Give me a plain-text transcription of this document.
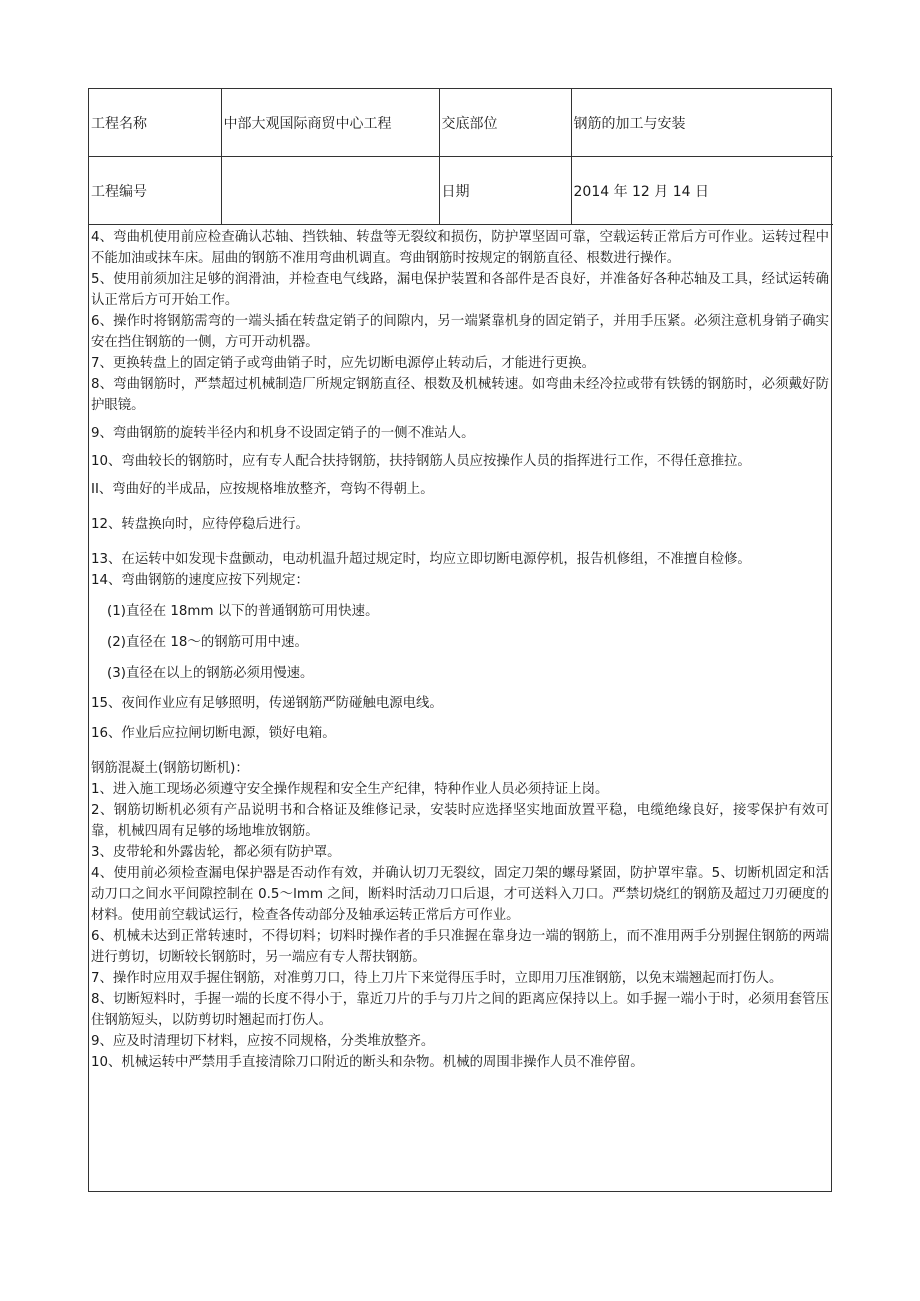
工程名称	中部大观国际商贸中心工程	交底部位	钢筋的加工与安装
工程编号		日期	2014 年 12 月 14 日

4、弯曲机使用前应检查确认芯轴、挡铁轴、转盘等无裂纹和损伤，防护罩坚固可靠，空载运转正常后方可作业。运转过程中不能加油或抹车床。屈曲的钢筋不准用弯曲机调直。弯曲钢筋时按规定的钢筋直径、根数进行操作。

5、使用前须加注足够的润滑油，并检查电气线路，漏电保护装置和各部件是否良好，并准备好各种芯轴及工具，经试运转确认正常后方可开始工作。

6、操作时将钢筋需弯的一端头插在转盘定销子的间隙内，另一端紧靠机身的固定销子，并用手压紧。必须注意机身销子确实安在挡住钢筋的一侧，方可开动机器。

7、更换转盘上的固定销子或弯曲销子时，应先切断电源停止转动后，才能进行更换。

8、弯曲钢筋时，严禁超过机械制造厂所规定钢筋直径、根数及机械转速。如弯曲未经冷拉或带有铁锈的钢筋时，必须戴好防护眼镜。

9、弯曲钢筋的旋转半径内和机身不设固定销子的一侧不准站人。

10、弯曲较长的钢筋时，应有专人配合扶持钢筋，扶持钢筋人员应按操作人员的指挥进行工作，不得任意推拉。

II、弯曲好的半成品，应按规格堆放整齐，弯钩不得朝上。

12、转盘换向时，应待停稳后进行。

13、在运转中如发现卡盘颤动，电动机温升超过规定时，均应立即切断电源停机，报告机修组，不准擅自检修。

14、弯曲钢筋的速度应按下列规定：

(1)直径在 18mm 以下的普通钢筋可用快速。

(2)直径在 18～的钢筋可用中速。

(3)直径在以上的钢筋必须用慢速。

15、夜间作业应有足够照明，传递钢筋严防碰触电源电线。

16、作业后应拉闸切断电源，锁好电箱。

钢筋混凝土(钢筋切断机)：

1、进入施工现场必须遵守安全操作规程和安全生产纪律，特种作业人员必须持证上岗。

2、钢筋切断机必须有产品说明书和合格证及维修记录，安装时应选择坚实地面放置平稳，电缆绝缘良好，接零保护有效可靠，机械四周有足够的场地堆放钢筋。

3、皮带轮和外露齿轮，都必须有防护罩。

4、使用前必须检查漏电保护器是否动作有效，并确认切刀无裂纹，固定刀架的螺母紧固，防护罩牢靠。5、切断机固定和活动刀口之间水平间隙控制在 0.5～lmm 之间，断料时活动刀口后退，才可送料入刀口。严禁切烧红的钢筋及超过刀刃硬度的材料。使用前空载试运行，检查各传动部分及轴承运转正常后方可作业。

6、机械未达到正常转速时，不得切料；切料时操作者的手只准握在靠身边一端的钢筋上，而不准用两手分别握住钢筋的两端进行剪切，切断较长钢筋时，另一端应有专人帮扶钢筋。

7、操作时应用双手握住钢筋，对准剪刀口，待上刀片下来觉得压手时，立即用刀压准钢筋，以免末端翘起而打伤人。

8、切断短料时，手握一端的长度不得小于，靠近刀片的手与刀片之间的距离应保持以上。如手握一端小于时，必须用套管压住钢筋短头，以防剪切时翘起而打伤人。

9、应及时清理切下材料，应按不同规格，分类堆放整齐。

10、机械运转中严禁用手直接清除刀口附近的断头和杂物。机械的周围非操作人员不准停留。
